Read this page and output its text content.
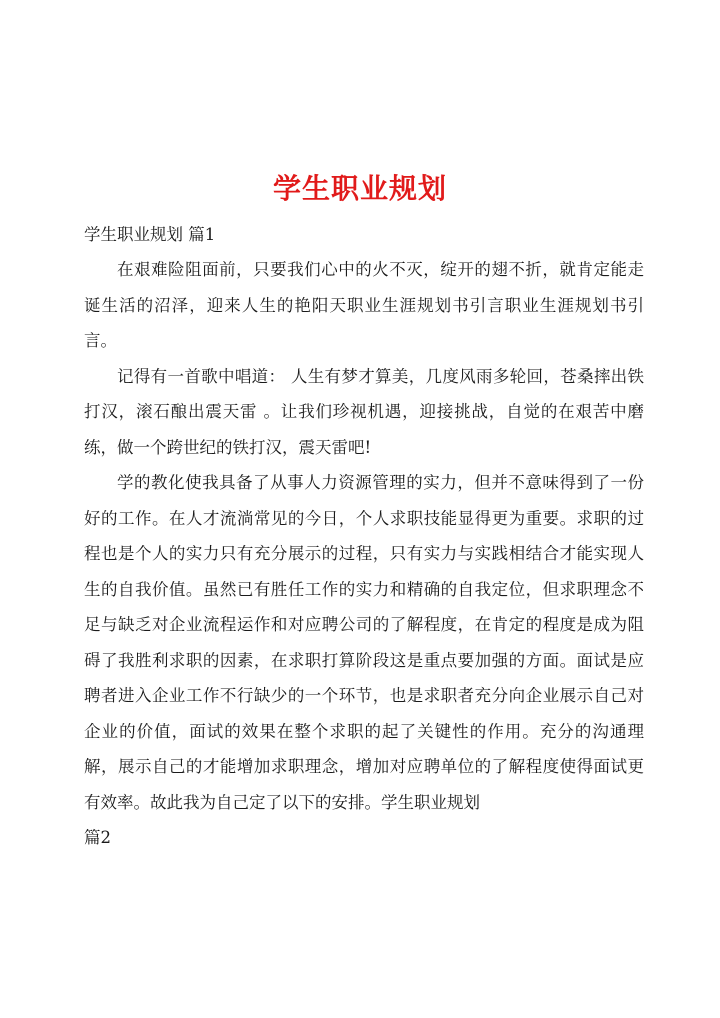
学生职业规划

学生职业规划 篇1

在艰难险阻面前，只要我们心中的火不灭，绽开的翅不折，就肯定能走诞生活的沼泽，迎来人生的艳阳天职业生涯规划书引言职业生涯规划书引言。

记得有一首歌中唱道： 人生有梦才算美，几度风雨多轮回，苍桑摔出铁打汉，滚石酿出震天雷 。让我们珍视机遇，迎接挑战，自觉的在艰苦中磨练，做一个跨世纪的铁打汉，震天雷吧!

学的教化使我具备了从事人力资源管理的实力，但并不意味得到了一份好的工作。在人才流淌常见的今日，个人求职技能显得更为重要。求职的过程也是个人的实力只有充分展示的过程，只有实力与实践相结合才能实现人生的自我价值。虽然已有胜任工作的实力和精确的自我定位，但求职理念不足与缺乏对企业流程运作和对应聘公司的了解程度，在肯定的程度是成为阻碍了我胜利求职的因素，在求职打算阶段这是重点要加强的方面。面试是应聘者进入企业工作不行缺少的一个环节，也是求职者充分向企业展示自己对企业的价值，面试的效果在整个求职的起了关键性的作用。充分的沟通理解，展示自己的才能增加求职理念，增加对应聘单位的了解程度使得面试更有效率。故此我为自己定了以下的安排。学生职业规划

篇2
